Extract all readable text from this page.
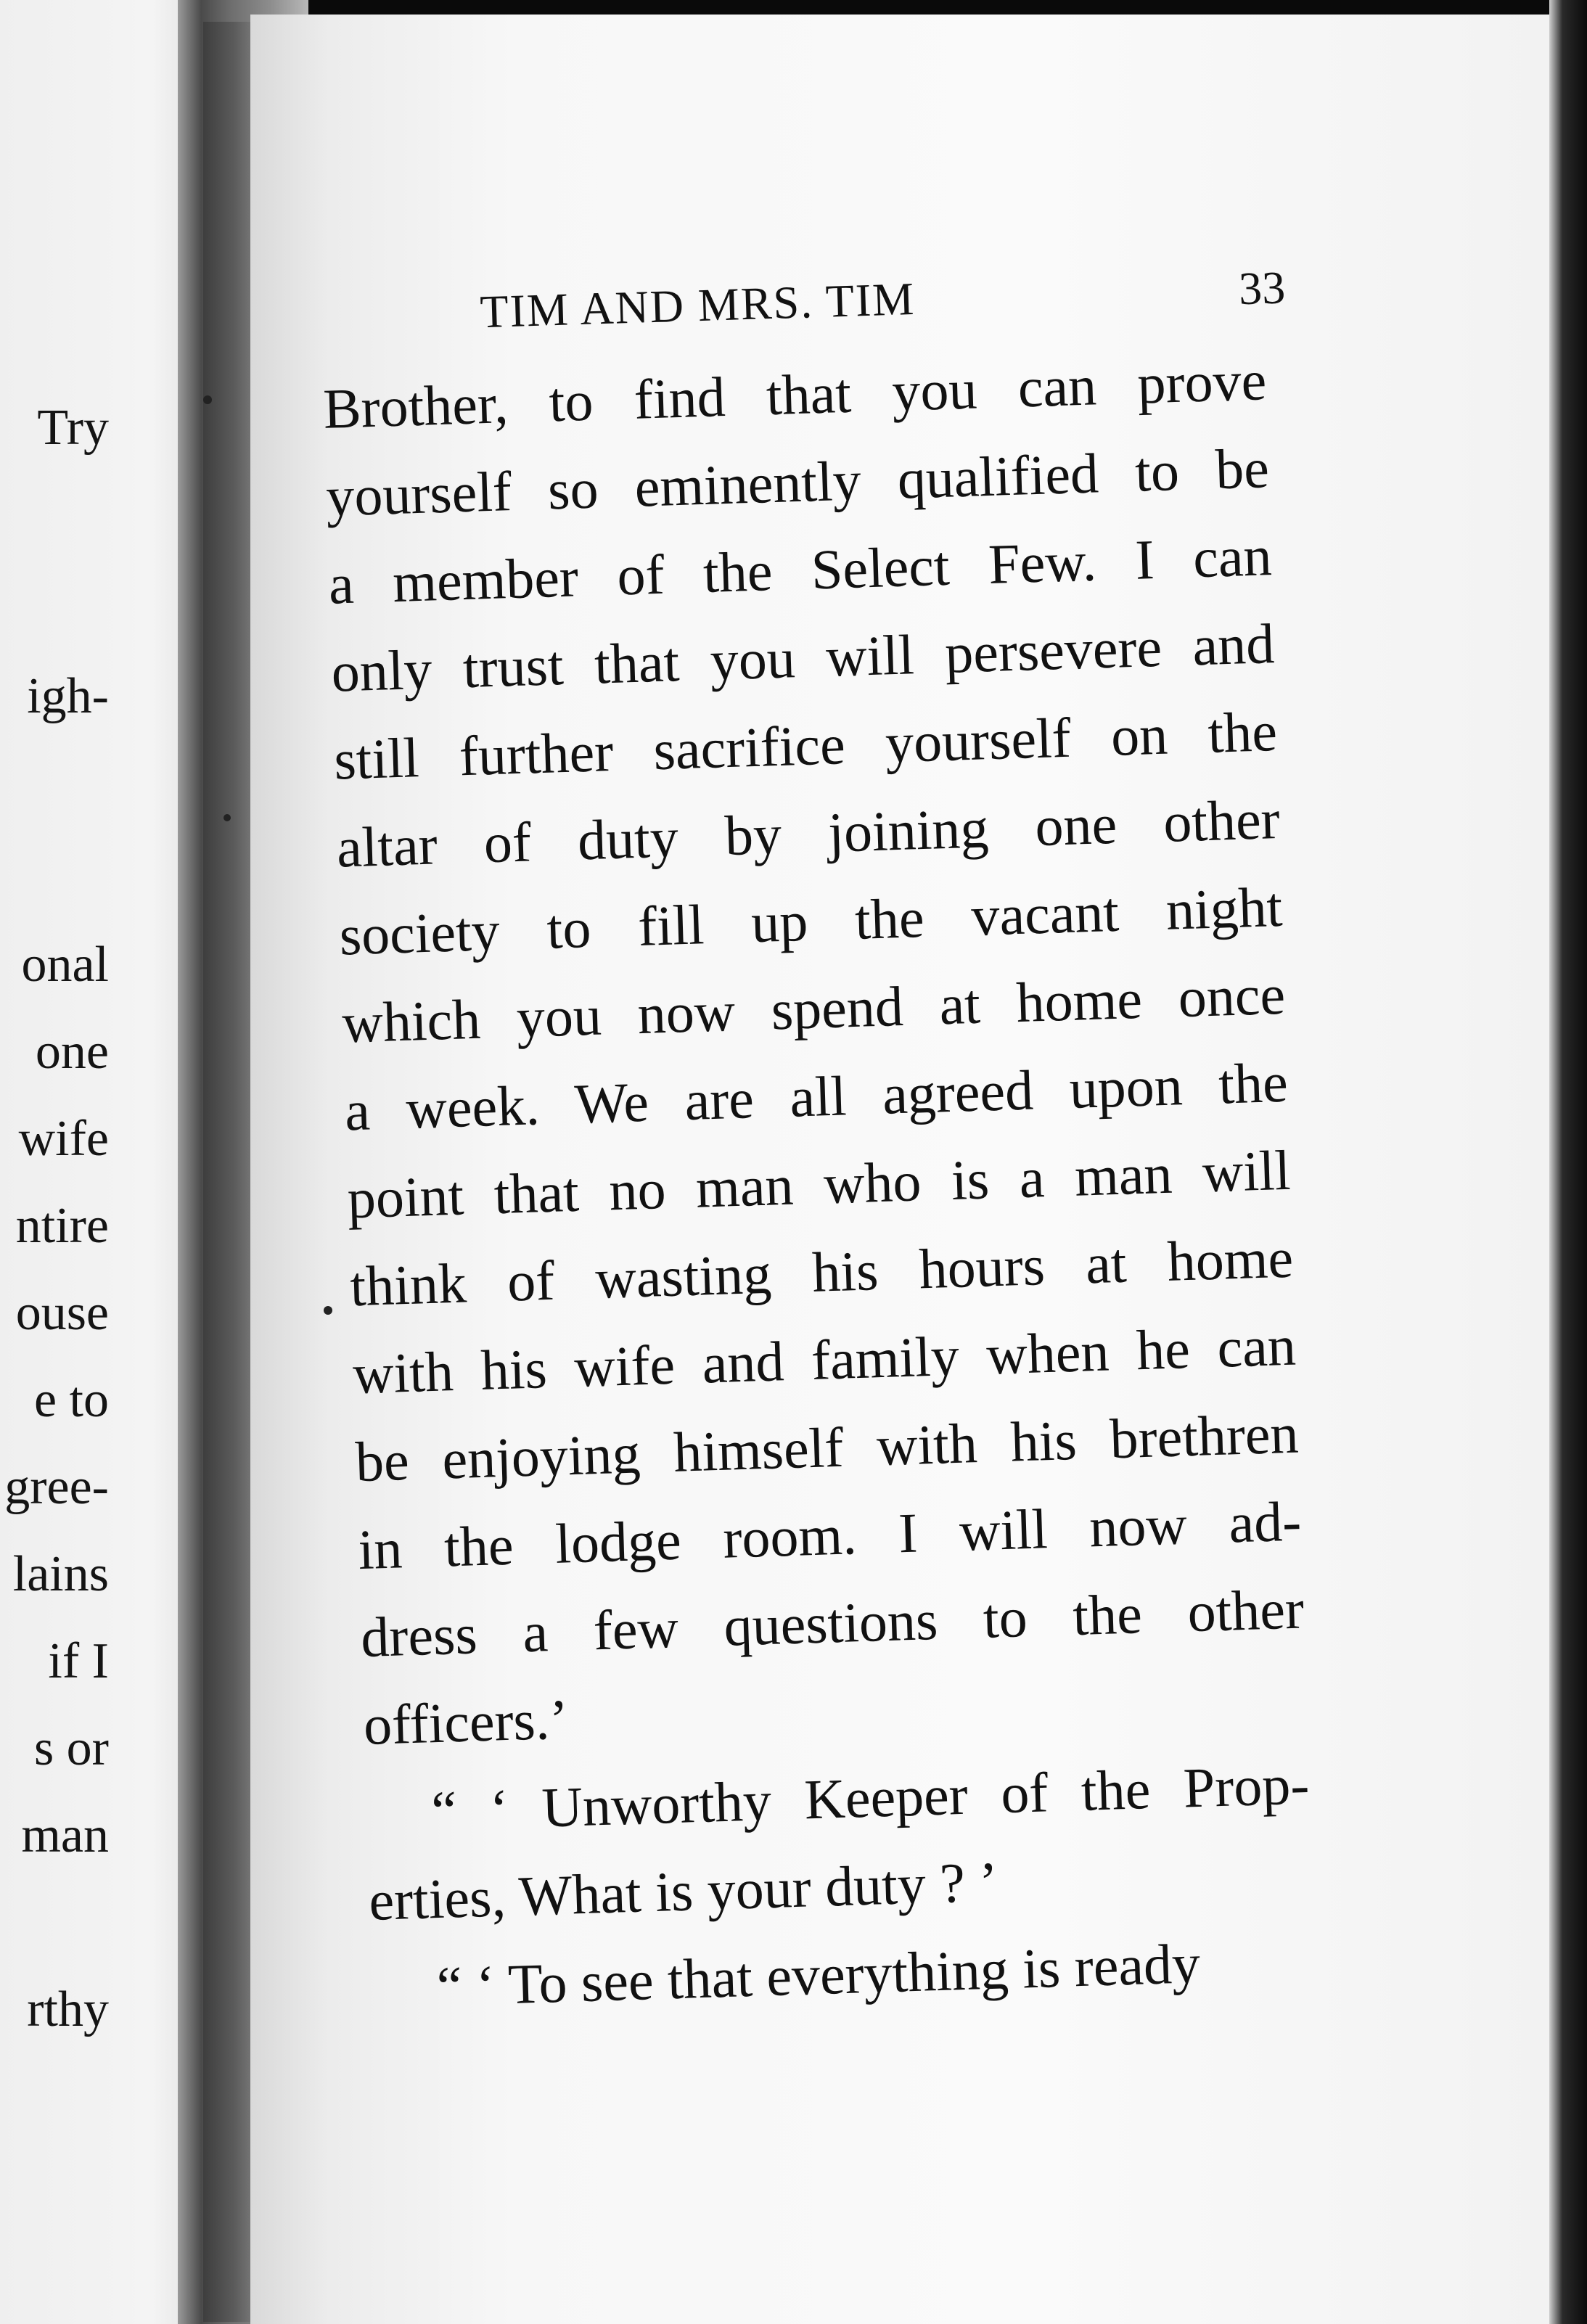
Try
igh-
onal
one
wife
ntire
ouse
e to
gree-
lains
if I
s or
man
rthy
TIM AND MRS. TIM	33
Brother, to find that you can prove
yourself so eminently qualified to be
a member of the Select Few. I can
only trust that you will persevere and
still further sacrifice yourself on the
altar of duty by joining one other
society to fill up the vacant night
which you now spend at home once
a week. We are all agreed upon the
point that no man who is a man will
think of wasting his hours at home
with his wife and family when he can
be enjoying himself with his brethren
in the lodge room. I will now ad-
dress a few questions to the other
officers.’
“ ‘ Unworthy Keeper of the Prop-
erties, What is your duty ? ’
“ ‘ To see that everything is ready
